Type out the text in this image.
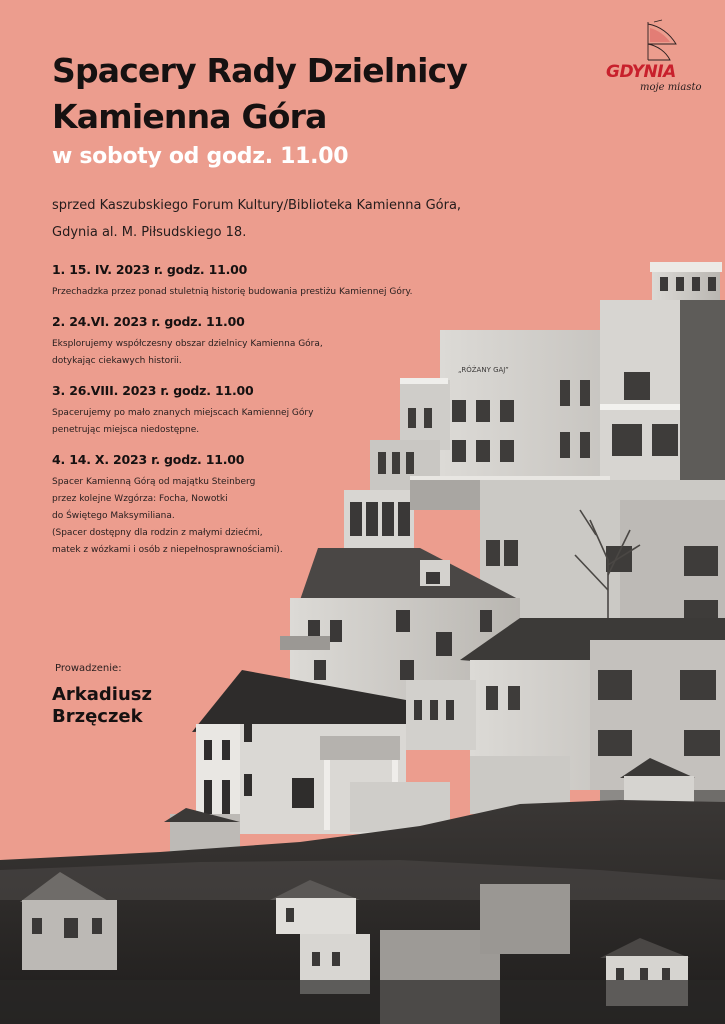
„RÓŻANY GAJ”
Spacery Rady Dzielnicy
Kamienna Góra
w soboty od godz. 11.00
sprzed Kaszubskiego Forum Kultury/Biblioteka Kamienna Góra,
Gdynia al. M. Piłsudskiego 18.
GDYNIA
moje miasto
1. 15. IV. 2023 r. godz. 11.00
Przechadzka przez ponad stuletnią historię budowania prestiżu Kamiennej Góry.
2. 24.VI. 2023 r. godz. 11.00
Eksplorujemy współczesny obszar dzielnicy Kamienna Góra,
dotykając ciekawych historii.
3. 26.VIII. 2023 r. godz. 11.00
Spacerujemy po mało znanych miejscach Kamiennej Góry
penetrując miejsca niedostępne.
4. 14. X. 2023 r. godz. 11.00
Spacer Kamienną Górą od majątku Steinberg
przez kolejne Wzgórza: Focha, Nowotki
do Świętego Maksymiliana.
(Spacer dostępny dla rodzin z małymi dziećmi,
matek z wózkami i osób z niepełnosprawnościami).
Prowadzenie:
Arkadiusz
Brzęczek
